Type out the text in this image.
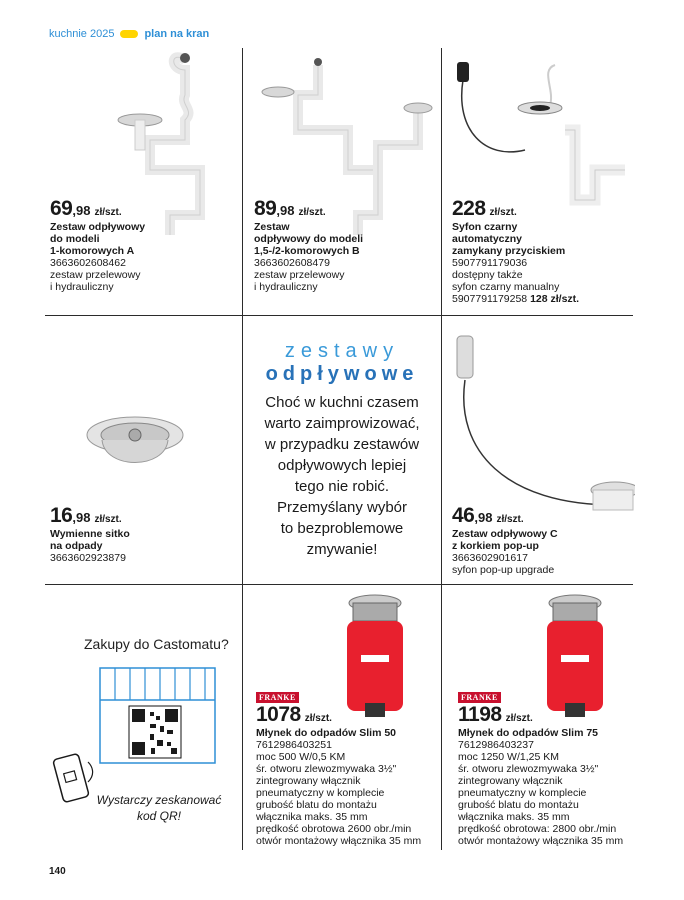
kuchnie 2025	plan na kran
FRANKE	FRANKE
69 ,98 zł/szt.
Zestaw odpływowy
do modeli
1-komorowych A
3663602608462
zestaw przelewowy
i hydrauliczny
89 ,98 zł/szt.
Zestaw
odpływowy do modeli
1,5-/2-komorowych B
3663602608479
zestaw przelewowy
i hydrauliczny
228 zł/szt.
Syfon czarny
automatyczny
zamykany przyciskiem
5907791179036
dostępny także
syfon czarny manualny
5907791179258 128 zł/szt.
16 ,98 zł/szt.
Wymienne sitko
na odpady
3663602923879
46 ,98 zł/szt.
Zestaw odpływowy C
z korkiem pop-up
3663602901617
syfon pop-up upgrade
1078 zł/szt.
Młynek do odpadów Slim 50
7612986403251
moc 500 W/0,5 KM
śr. otworu zlewozmywaka 3½"
zintegrowany włącznik
pneumatyczny w komplecie
grubość blatu do montażu
włącznika maks. 35 mm
prędkość obrotowa 2600 obr./min
otwór montażowy włącznika 35 mm
1198 zł/szt.
Młynek do odpadów Slim 75
7612986403237
moc 1250 W/1,25 KM
śr. otworu zlewozmywaka 3½"
zintegrowany włącznik
pneumatyczny w komplecie
grubość blatu do montażu
włącznika maks. 35 mm
prędkość obrotowa: 2800 obr./min
otwór montażowy włącznika 35 mm
zestawy
odpływowe
Choć w kuchni czasem
warto zaimprowizować,
w przypadku zestawów
odpływowych lepiej
tego nie robić.
Przemyślany wybór
to bezproblemowe
zmywanie!
Zakupy do Castomatu?
Wystarczy zeskanować
kod QR!
140
